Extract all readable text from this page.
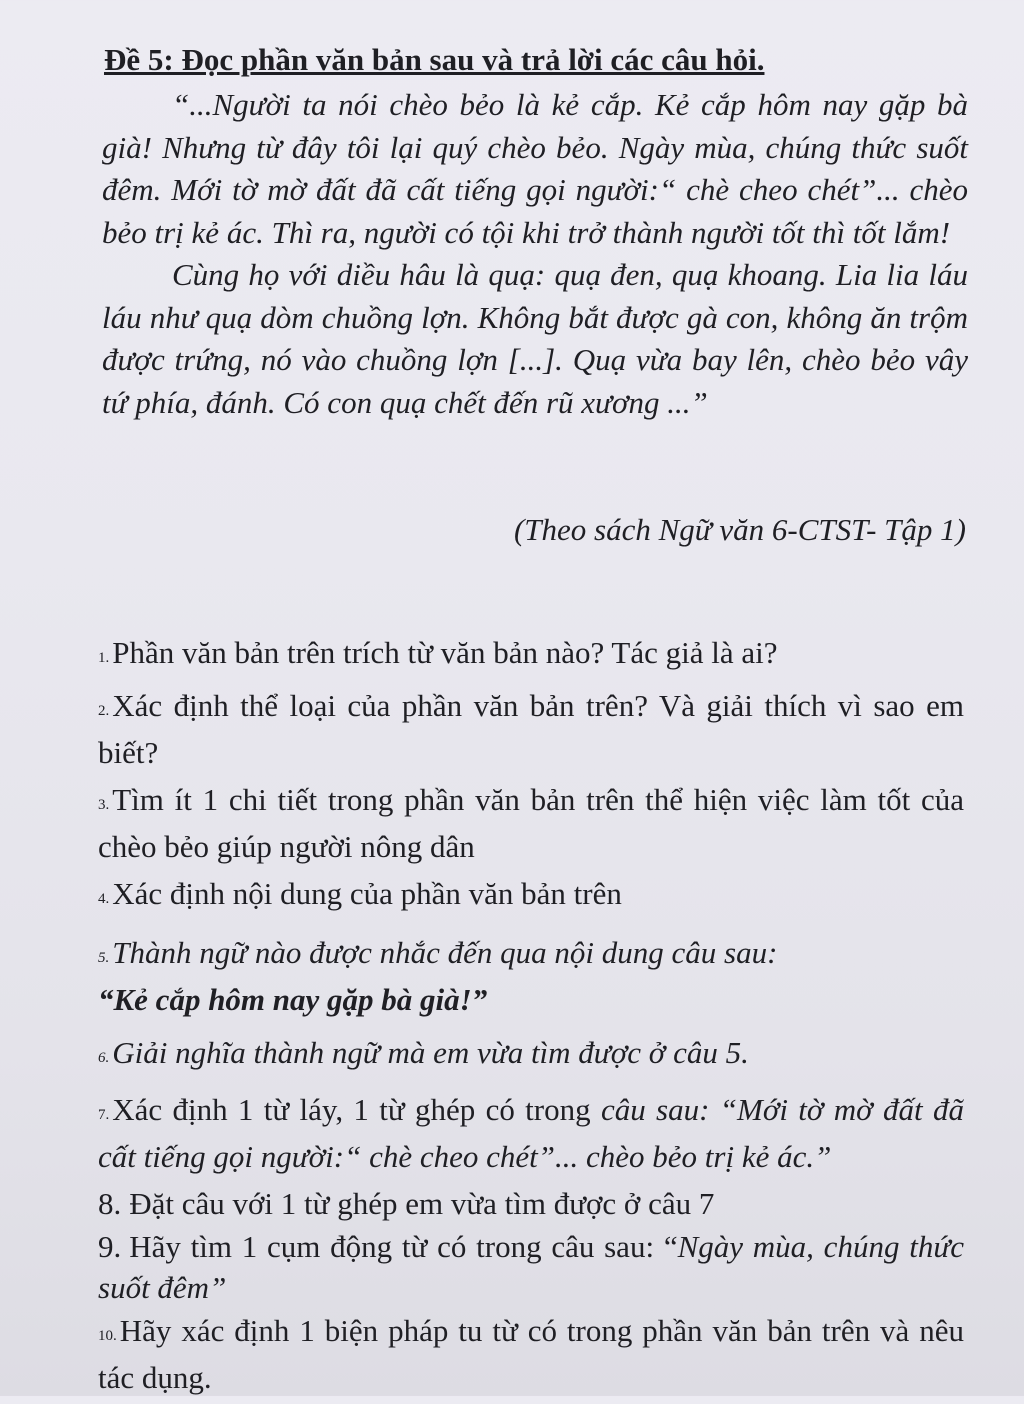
Đề 5: Đọc phần văn bản sau và trả lời các câu hỏi.

“...Người ta nói chèo bẻo là kẻ cắp. Kẻ cắp hôm nay gặp bà già! Nhưng từ đây tôi lại quý chèo bẻo. Ngày mùa, chúng thức suốt đêm. Mới tờ mờ đất đã cất tiếng gọi người:“ chè cheo chét”... chèo bẻo trị kẻ ác. Thì ra, người có tội khi trở thành người tốt thì tốt lắm!

Cùng họ với diều hâu là quạ: quạ đen, quạ khoang. Lia lia láu láu như quạ dòm chuồng lợn. Không bắt được gà con, không ăn trộm được trứng, nó vào chuồng lợn [...]. Quạ vừa bay lên, chèo bẻo vây tứ phía, đánh. Có con quạ chết đến rũ xương ...”

(Theo sách Ngữ văn 6-CTST- Tập 1)
1.Phần văn bản trên trích từ văn bản nào? Tác giả là ai?
2.Xác định thể loại của phần văn bản trên? Và giải thích vì sao em biết?
3.Tìm ít 1 chi tiết trong phần văn bản trên thể hiện việc làm tốt của chèo bẻo giúp người nông dân
4.Xác định nội dung của phần văn bản trên
5.Thành ngữ nào được nhắc đến qua nội dung câu sau:
“Kẻ cắp hôm nay gặp bà già!”
6.Giải nghĩa thành ngữ mà em vừa tìm được ở câu 5.
7.Xác định 1 từ láy, 1 từ ghép có trong câu sau: “Mới tờ mờ đất đã cất tiếng gọi người:“ chè cheo chét”... chèo bẻo trị kẻ ác.”
8. Đặt câu với 1 từ ghép em vừa tìm được ở câu 7
9. Hãy tìm 1 cụm động từ có trong câu sau: “Ngày mùa, chúng thức suốt đêm”
10.Hãy xác định 1 biện pháp tu từ có trong phần văn bản trên và nêu tác dụng.
